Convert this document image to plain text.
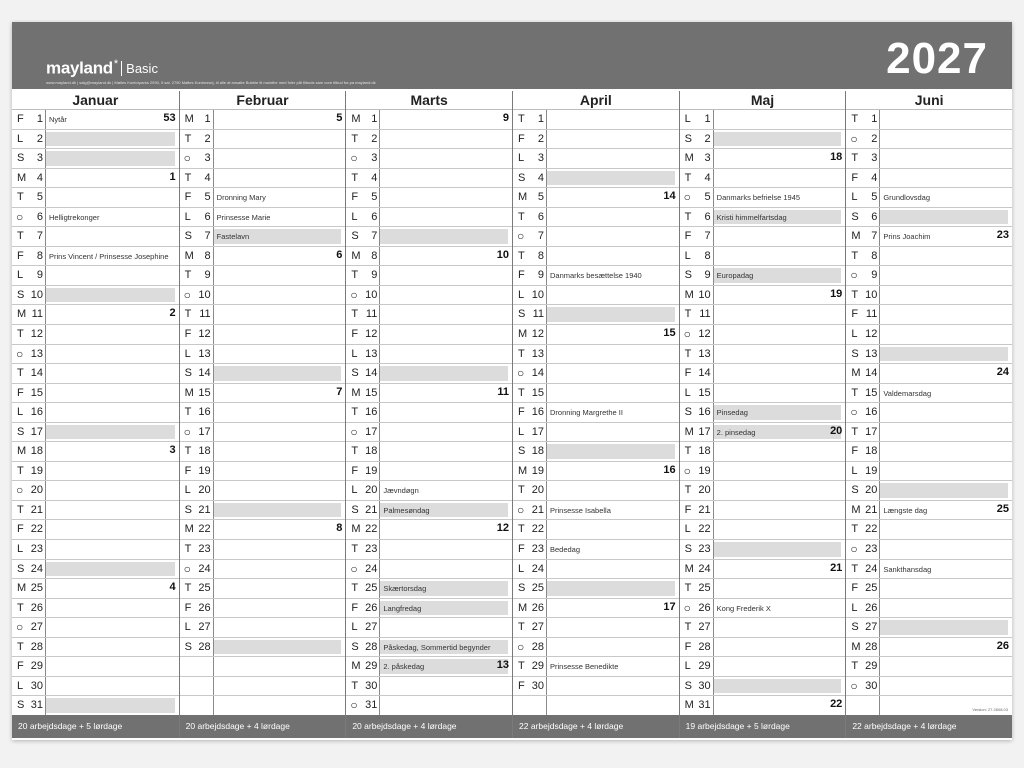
mayland* Basic
www.mayland.dk | salg@mayland.dk | Mølles Kontorparks 2930, 5 sal. 2750 Mølles Kontorsvej, til alle af ansatte Bubble til mainthe med foler pål tilbuds sam vore tilbud fra pa mayland.dk	2027
Januar
F	1 Nytår	53
L	2
S	3
M 4	1
T	5
○	6 Helligtrekonger
T	7
F	8 Prins Vincent / Prinsesse Josephine
L	9
S 10
M 11	2
T 12
○ 13
T 14
F 15
L 16
S 17
M 18	3
T 19
○ 20
T 21
F 22
L 23
S 24
M 25	4
T 26
○ 27
T 28
F 29
L 30
S 31
20 arbejdsdage + 5 lørdage
Februar
M 1	5
T	2
○	3
T	4
F	5 Dronning Mary
L	6 Prinsesse Marie
S	7 Fastelavn
M 8	6
T	9
○ 10
T 11
F 12
L 13
S 14
M 15	7
T 16
○ 17
T 18
F 19
L 20
S 21
M 22	8
T 23
○ 24
T 25
F 26
L 27
S 28
20 arbejdsdage + 4 lørdage
Marts
M 1	9
T	2
○	3
T	4
F	5
L	6
S	7
M 8	10
T	9
○ 10
T 11
F 12
L 13
S 14
M 15	11
T 16
○ 17
T 18
F 19
L 20 Jævndøgn
S 21 Palmesøndag
M 22	12
T 23
○ 24
T 25 Skærtorsdag
F 26 Langfredag
L 27
S 28 Påskedag, Sommertid begynder
M 29 2. påskedag	13
T 30
○ 31
20 arbejdsdage + 4 lørdage
April
T	1
F	2
L	3
S	4
M 5	14
T	6
○	7
T	8
F	9 Danmarks besættelse 1940
L 10
S 11
M 12	15
T 13
○ 14
T 15
F 16 Dronning Margrethe II
L 17
S 18
M 19	16
T 20
○ 21 Prinsesse Isabella
T 22
F 23 Bededag
L 24
S 25
M 26	17
T 27
○ 28
T 29 Prinsesse Benedikte
F 30
22 arbejdsdage + 4 lørdage
Maj
L	1
S	2
M 3	18
T	4
○	5 Danmarks befrielse 1945
T	6 Kristi himmelfartsdag
F	7
L	8
S	9 Europadag
M 10	19
T 11
○ 12
T 13
F 14
L 15
S 16 Pinsedag
M 17 2. pinsedag	20
T 18
○ 19
T 20
F 21
L 22
S 23
M 24	21
T 25
○ 26 Kong Frederik X
T 27
F 28
L 29
S 30
M 31	22
19 arbejdsdage + 5 lørdage
Juni
T	1
○	2
T	3
F	4
L	5 Grundlovsdag
S	6
M 7 Prins Joachim	23
T	8
○	9
T 10
F 11
L 12
S 13
M 14	24
T 15 Valdemarsdag
○ 16
T 17
F 18
L 19
S 20
M 21 Længste dag	25
T 22
○ 23
T 24 Sankthansdag
F 25
L 26
S 27
M 28	26
T 29
○ 30
Version: 27.2608.03
22 arbejdsdage + 4 lørdage
